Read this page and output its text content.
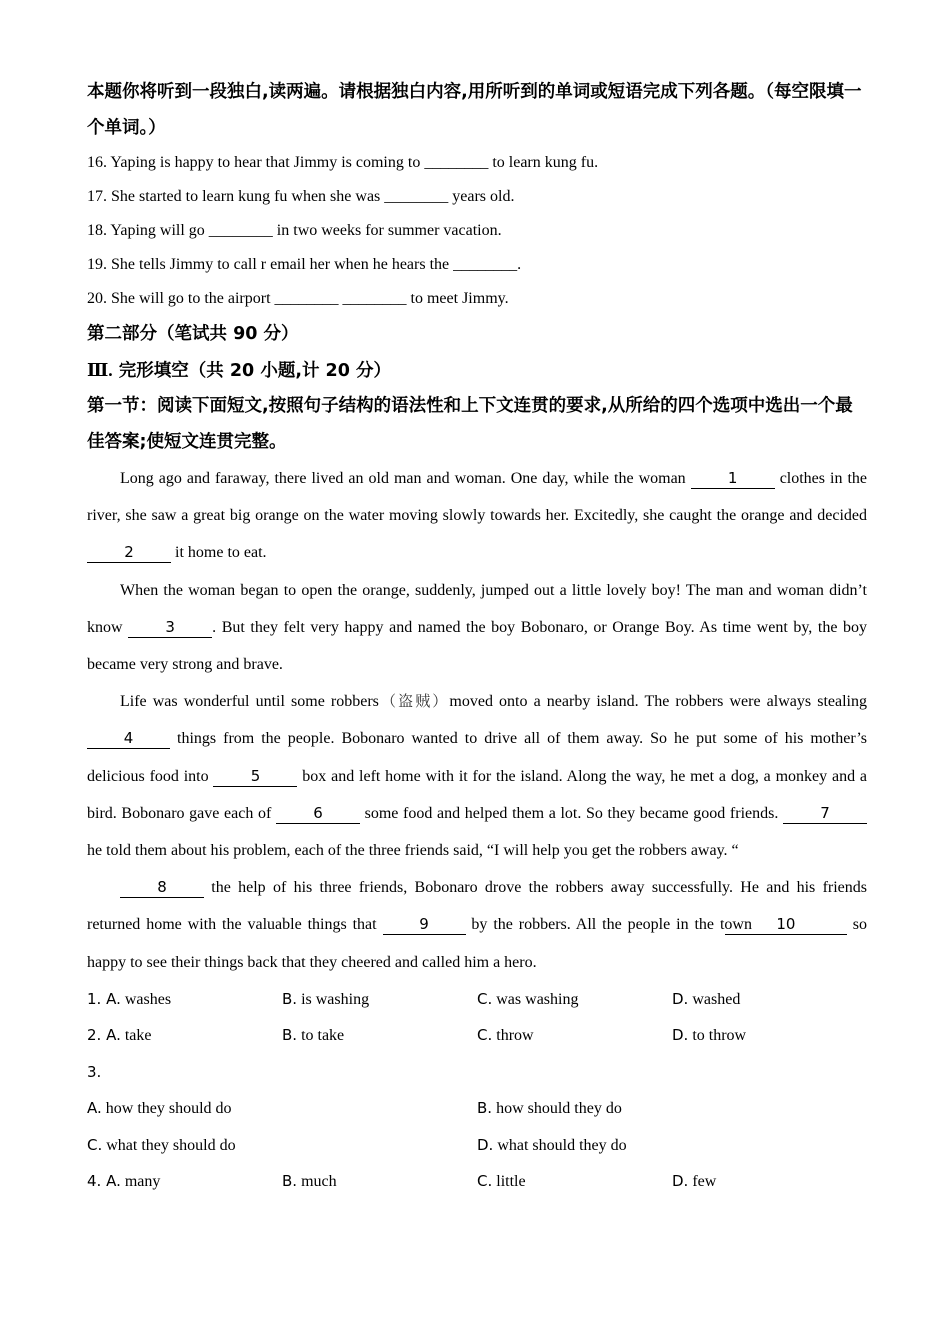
本题你将听到一段独白,读两遍。请根据独白内容,用所听到的单词或短语完成下列各题。（每空限填一个单词。）

16. Yaping is happy to hear that Jimmy is coming to ________ to learn kung fu.

17. She started to learn kung fu when she was ________ years old.

18. Yaping will go ________ in two weeks for summer vacation.

19. She tells Jimmy to call r email her when he hears the ________.

20. She will go to the airport ________ ________ to meet Jimmy.

第二部分（笔试共 90 分）

Ⅲ. 完形填空（共 20 小题,计 20 分）

第一节：阅读下面短文,按照句子结构的语法性和上下文连贯的要求,从所给的四个选项中选出一个最佳答案;使短文连贯完整。

Long ago and faraway, there lived an old man and woman. One day, while the woman 1 clothes in the river, she saw a great big orange on the water moving slowly towards her. Excitedly, she caught the orange and decided 2 it home to eat.

When the woman began to open the orange, suddenly, jumped out a little lovely boy! The man and woman didn’t know 3 . But they felt very happy and named the boy Bobonaro, or Orange Boy. As time went by, the boy became very strong and brave.

Life was wonderful until some robbers（盗贼）moved onto a nearby island. The robbers were always stealing 4 things from the people. Bobonaro wanted to drive all of them away. So he put some of his mother’s delicious food into 5 box and left home with it for the island. Along the way, he met a dog, a monkey and a bird. Bobonaro gave each of 6 some food and helped them a lot. So they became good friends. 7 he told them about his problem, each of the three friends said, “I will help you get the robbers away. “

8 the help of his three friends, Bobonaro drove the robbers away successfully. He and his friends returned home with the valuable things that 9 by the robbers. All the people in the town 10	so happy to see their things back that they cheered and called him a hero.

1. A. washes	B. is washing	C. was washing	D. washed
2. A. take	B. to take	C. throw	D. to throw
3.
A. how they should do	B. how should they do
C. what they should do	D. what should they do
4. A. many	B. much	C. little	D. few
